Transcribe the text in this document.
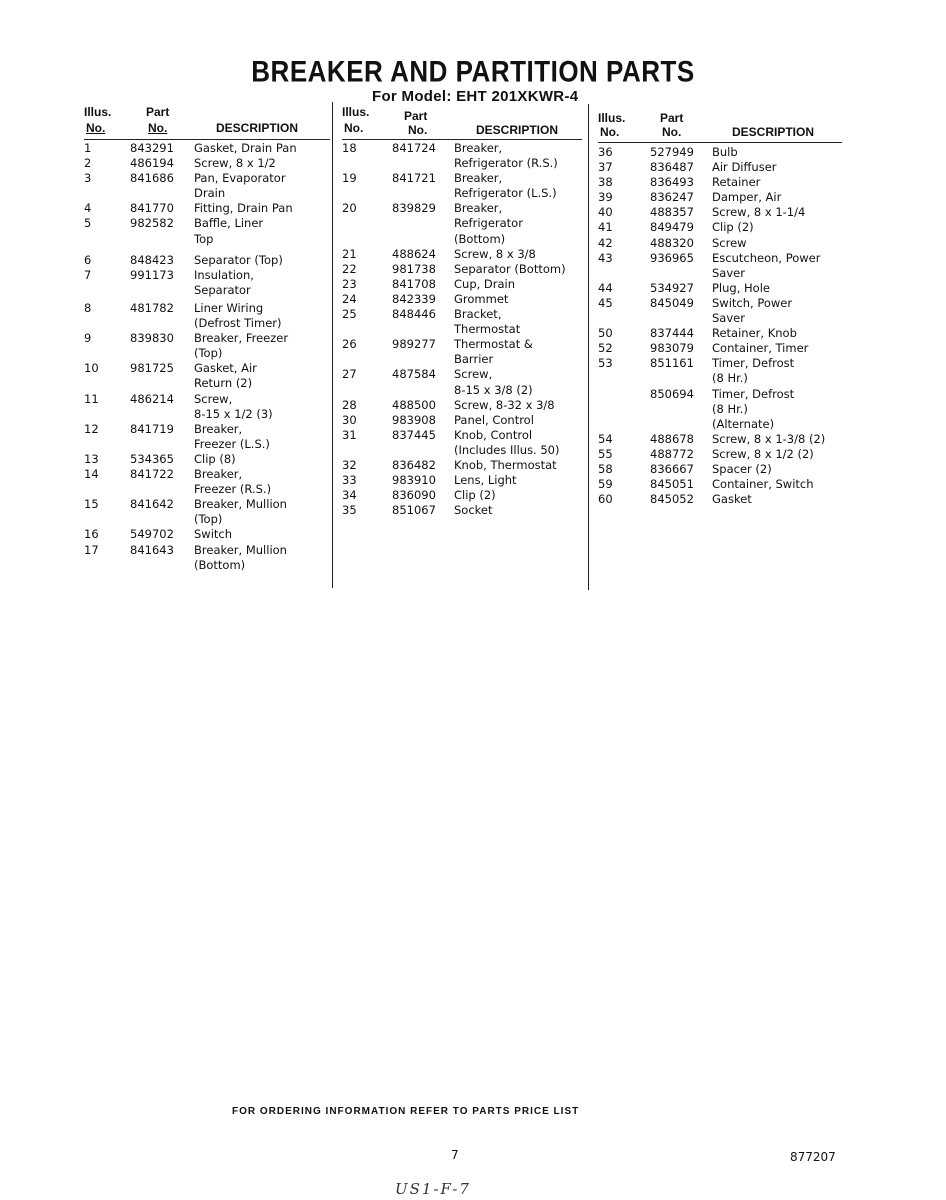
BREAKER AND PARTITION PARTS
For Model: EHT 201XKWR-4
Illus.
No.
Part
No.	DESCRIPTION
1	843291 Gasket, Drain Pan
2	486194 Screw, 8 x 1/2
3	841686 Pan, Evaporator
Drain
4	841770 Fitting, Drain Pan
5	982582 Baffle, Liner
Top
6	848423 Separator (Top)
7	991173 Insulation,
Separator
8	481782 Liner Wiring
(Defrost Timer)
9	839830 Breaker, Freezer
(Top)
10	981725 Gasket, Air
Return (2)
11	486214 Screw,
8-15 x 1/2 (3)
12	841719 Breaker,
Freezer (L.S.)
13	534365 Clip (8)
14	841722 Breaker,
Freezer (R.S.)
15	841642 Breaker, Mullion
(Top)
16	549702 Switch
17	841643 Breaker, Mullion
(Bottom)
Illus.
No.
Part
No.	DESCRIPTION
18	841724 Breaker,
Refrigerator (R.S.)
19	841721 Breaker,
Refrigerator (L.S.)
20	839829 Breaker,
Refrigerator
(Bottom)
21	488624 Screw, 8 x 3/8
22	981738 Separator (Bottom)
23	841708 Cup, Drain
24	842339 Grommet
25	848446 Bracket,
Thermostat
26	989277 Thermostat &
Barrier
27	487584 Screw,
8-15 x 3/8 (2)
28	488500 Screw, 8-32 x 3/8
30	983908 Panel, Control
31	837445 Knob, Control
(Includes Illus. 50)
32	836482 Knob, Thermostat
33	983910 Lens, Light
34	836090 Clip (2)
35	851067 Socket
Illus.
No.
Part
No.	DESCRIPTION
36	527949 Bulb
37	836487 Air Diffuser
38	836493 Retainer
39	836247 Damper, Air
40	488357 Screw, 8 x 1-1/4
41	849479 Clip (2)
42	488320 Screw
43	936965 Escutcheon, Power
Saver
44	534927 Plug, Hole
45	845049 Switch, Power
Saver
50	837444 Retainer, Knob
52	983079 Container, Timer
53	851161 Timer, Defrost
(8 Hr.)
850694 Timer, Defrost
(8 Hr.)
(Alternate)
54	488678 Screw, 8 x 1-3/8 (2)
55	488772 Screw, 8 x 1/2 (2)
58	836667 Spacer (2)
59	845051 Container, Switch
60	845052 Gasket
FOR ORDERING INFORMATION REFER TO PARTS PRICE LIST
7	877207
US1-F-7
